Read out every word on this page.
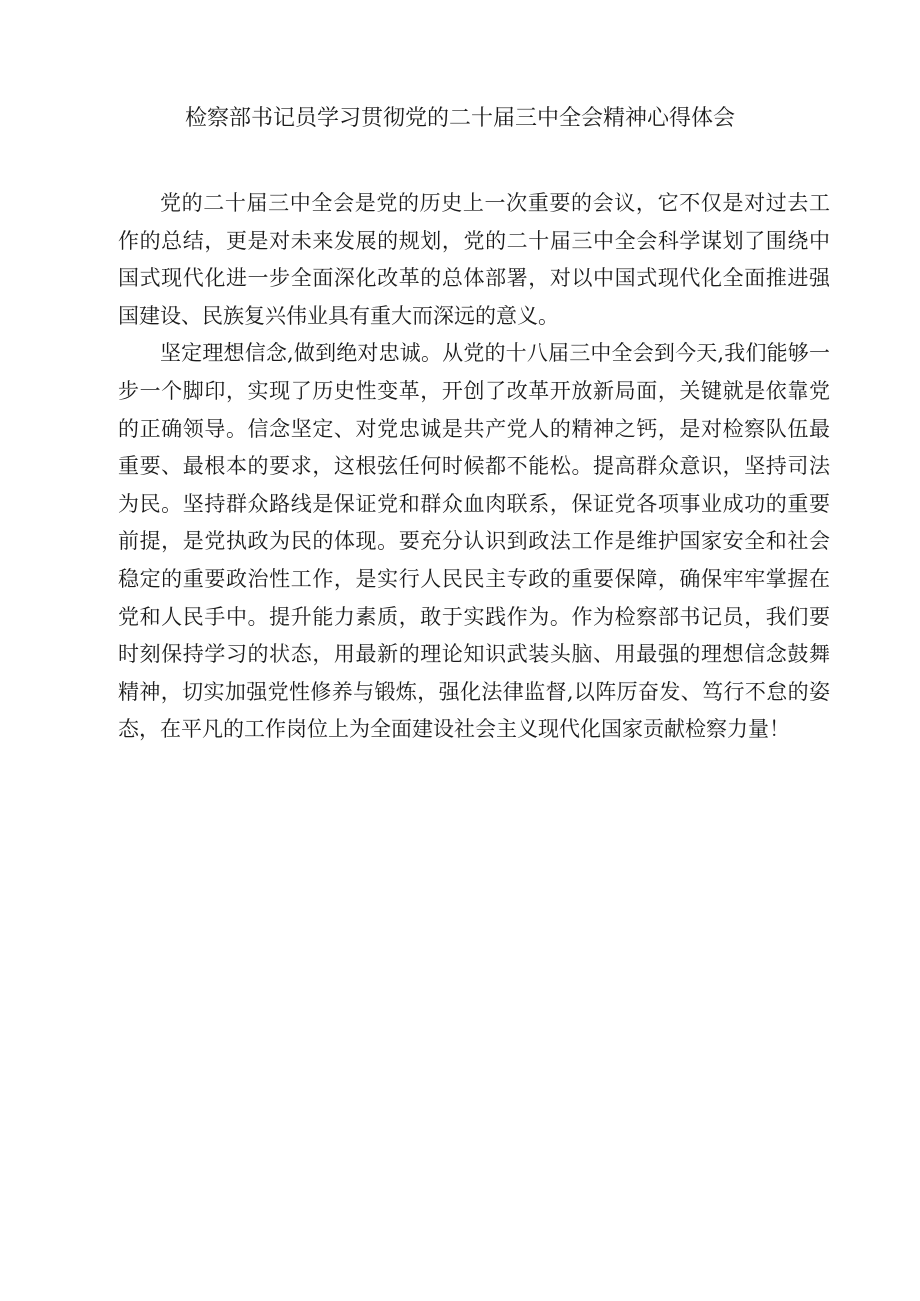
检察部书记员学习贯彻党的二十届三中全会精神心得体会

党的二十届三中全会是党的历史上一次重要的会议，它不仅是对过去工作的总结，更是对未来发展的规划，党的二十届三中全会科学谋划了围绕中国式现代化进一步全面深化改革的总体部署，对以中国式现代化全面推进强国建设、民族复兴伟业具有重大而深远的意义。

坚定理想信念,做到绝对忠诚。从党的十八届三中全会到今天,我们能够一步一个脚印，实现了历史性变革，开创了改革开放新局面，关键就是依靠党的正确领导。信念坚定、对党忠诚是共产党人的精神之钙，是对检察队伍最重要、最根本的要求，这根弦任何时候都不能松。提高群众意识，坚持司法为民。坚持群众路线是保证党和群众血肉联系，保证党各项事业成功的重要前提，是党执政为民的体现。要充分认识到政法工作是维护国家安全和社会稳定的重要政治性工作，是实行人民民主专政的重要保障，确保牢牢掌握在党和人民手中。提升能力素质，敢于实践作为。作为检察部书记员，我们要时刻保持学习的状态，用最新的理论知识武装头脑、用最强的理想信念鼓舞精神，切实加强党性修养与锻炼，强化法律监督,以阵厉奋发、笃行不怠的姿态，在平凡的工作岗位上为全面建设社会主义现代化国家贡献检察力量！
